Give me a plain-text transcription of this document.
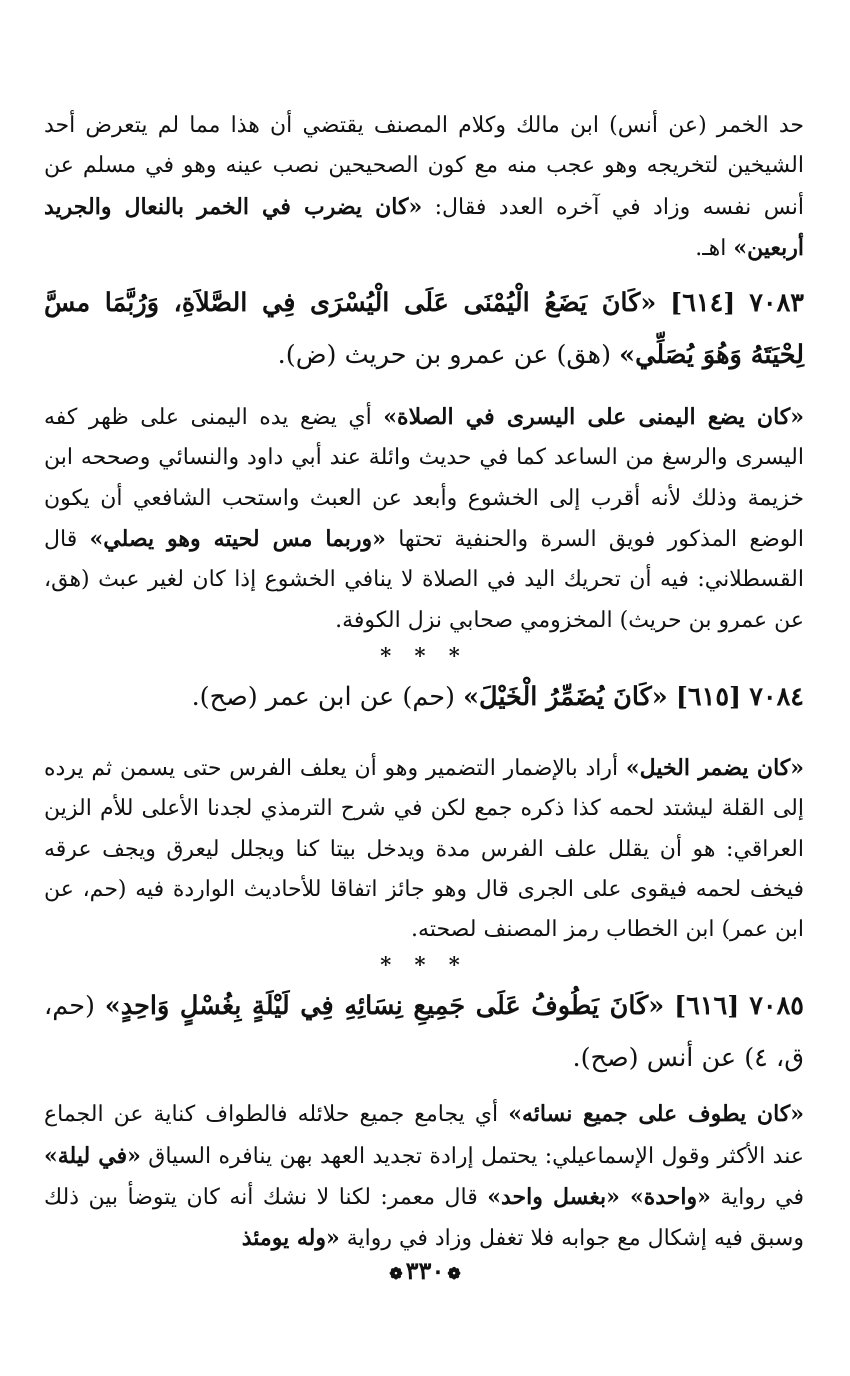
حد الخمر (عن أنس) ابن مالك وكلام المصنف يقتضي أن هذا مما لم يتعرض أحد الشيخين لتخريجه وهو عجب منه مع كون الصحيحين نصب عينه وهو في مسلم عن أنس نفسه وزاد في آخره العدد فقال: «كان يضرب في الخمر بالنعال والجريد أربعين» اهـ.

٧٠٨٣ [٦١٤] «كَانَ يَضَعُ الْيُمْنَى عَلَى الْيُسْرَى فِي الصَّلاَةِ، وَرُبَّمَا مسَّ لِحْيَتَهُ وَهُوَ يُصَلِّي» (هق) عن عمرو بن حريث (ض).

«كان يضع اليمنى على اليسرى في الصلاة» أي يضع يده اليمنى على ظهر كفه اليسرى والرسغ من الساعد كما في حديث وائلة عند أبي داود والنسائي وصححه ابن خزيمة وذلك لأنه أقرب إلى الخشوع وأبعد عن العبث واستحب الشافعي أن يكون الوضع المذكور فويق السرة والحنفية تحتها «وربما مس لحيته وهو يصلي» قال القسطلاني: فيه أن تحريك اليد في الصلاة لا ينافي الخشوع إذا كان لغير عبث (هق، عن عمرو بن حريث) المخزومي صحابي نزل الكوفة.

* * *

٧٠٨٤ [٦١٥] «كَانَ يُضَمِّرُ الْخَيْلَ» (حم) عن ابن عمر (صح).

«كان يضمر الخيل» أراد بالإضمار التضمير وهو أن يعلف الفرس حتى يسمن ثم يرده إلى القلة ليشتد لحمه كذا ذكره جمع لكن في شرح الترمذي لجدنا الأعلى للأم الزين العراقي: هو أن يقلل علف الفرس مدة ويدخل بيتا كنا ويجلل ليعرق ويجف عرقه فيخف لحمه فيقوى على الجرى قال وهو جائز اتفاقا للأحاديث الواردة فيه (حم، عن ابن عمر) ابن الخطاب رمز المصنف لصحته.

* * *

٧٠٨٥ [٦١٦] «كَانَ يَطُوفُ عَلَى جَمِيعِ نِسَائِهِ فِي لَيْلَةٍ بِغُسْلٍ وَاحِدٍ» (حم، ق، ٤) عن أنس (صح).

«كان يطوف على جميع نسائه» أي يجامع جميع حلائله فالطواف كناية عن الجماع عند الأكثر وقول الإسماعيلي: يحتمل إرادة تجديد العهد بهن ينافره السياق «في ليلة» في رواية «واحدة» «بغسل واحد» قال معمر: لكنا لا نشك أنه كان يتوضأ بين ذلك وسبق فيه إشكال مع جوابه فلا تغفل وزاد في رواية «وله يومئذ

❁٣٣٠❁
